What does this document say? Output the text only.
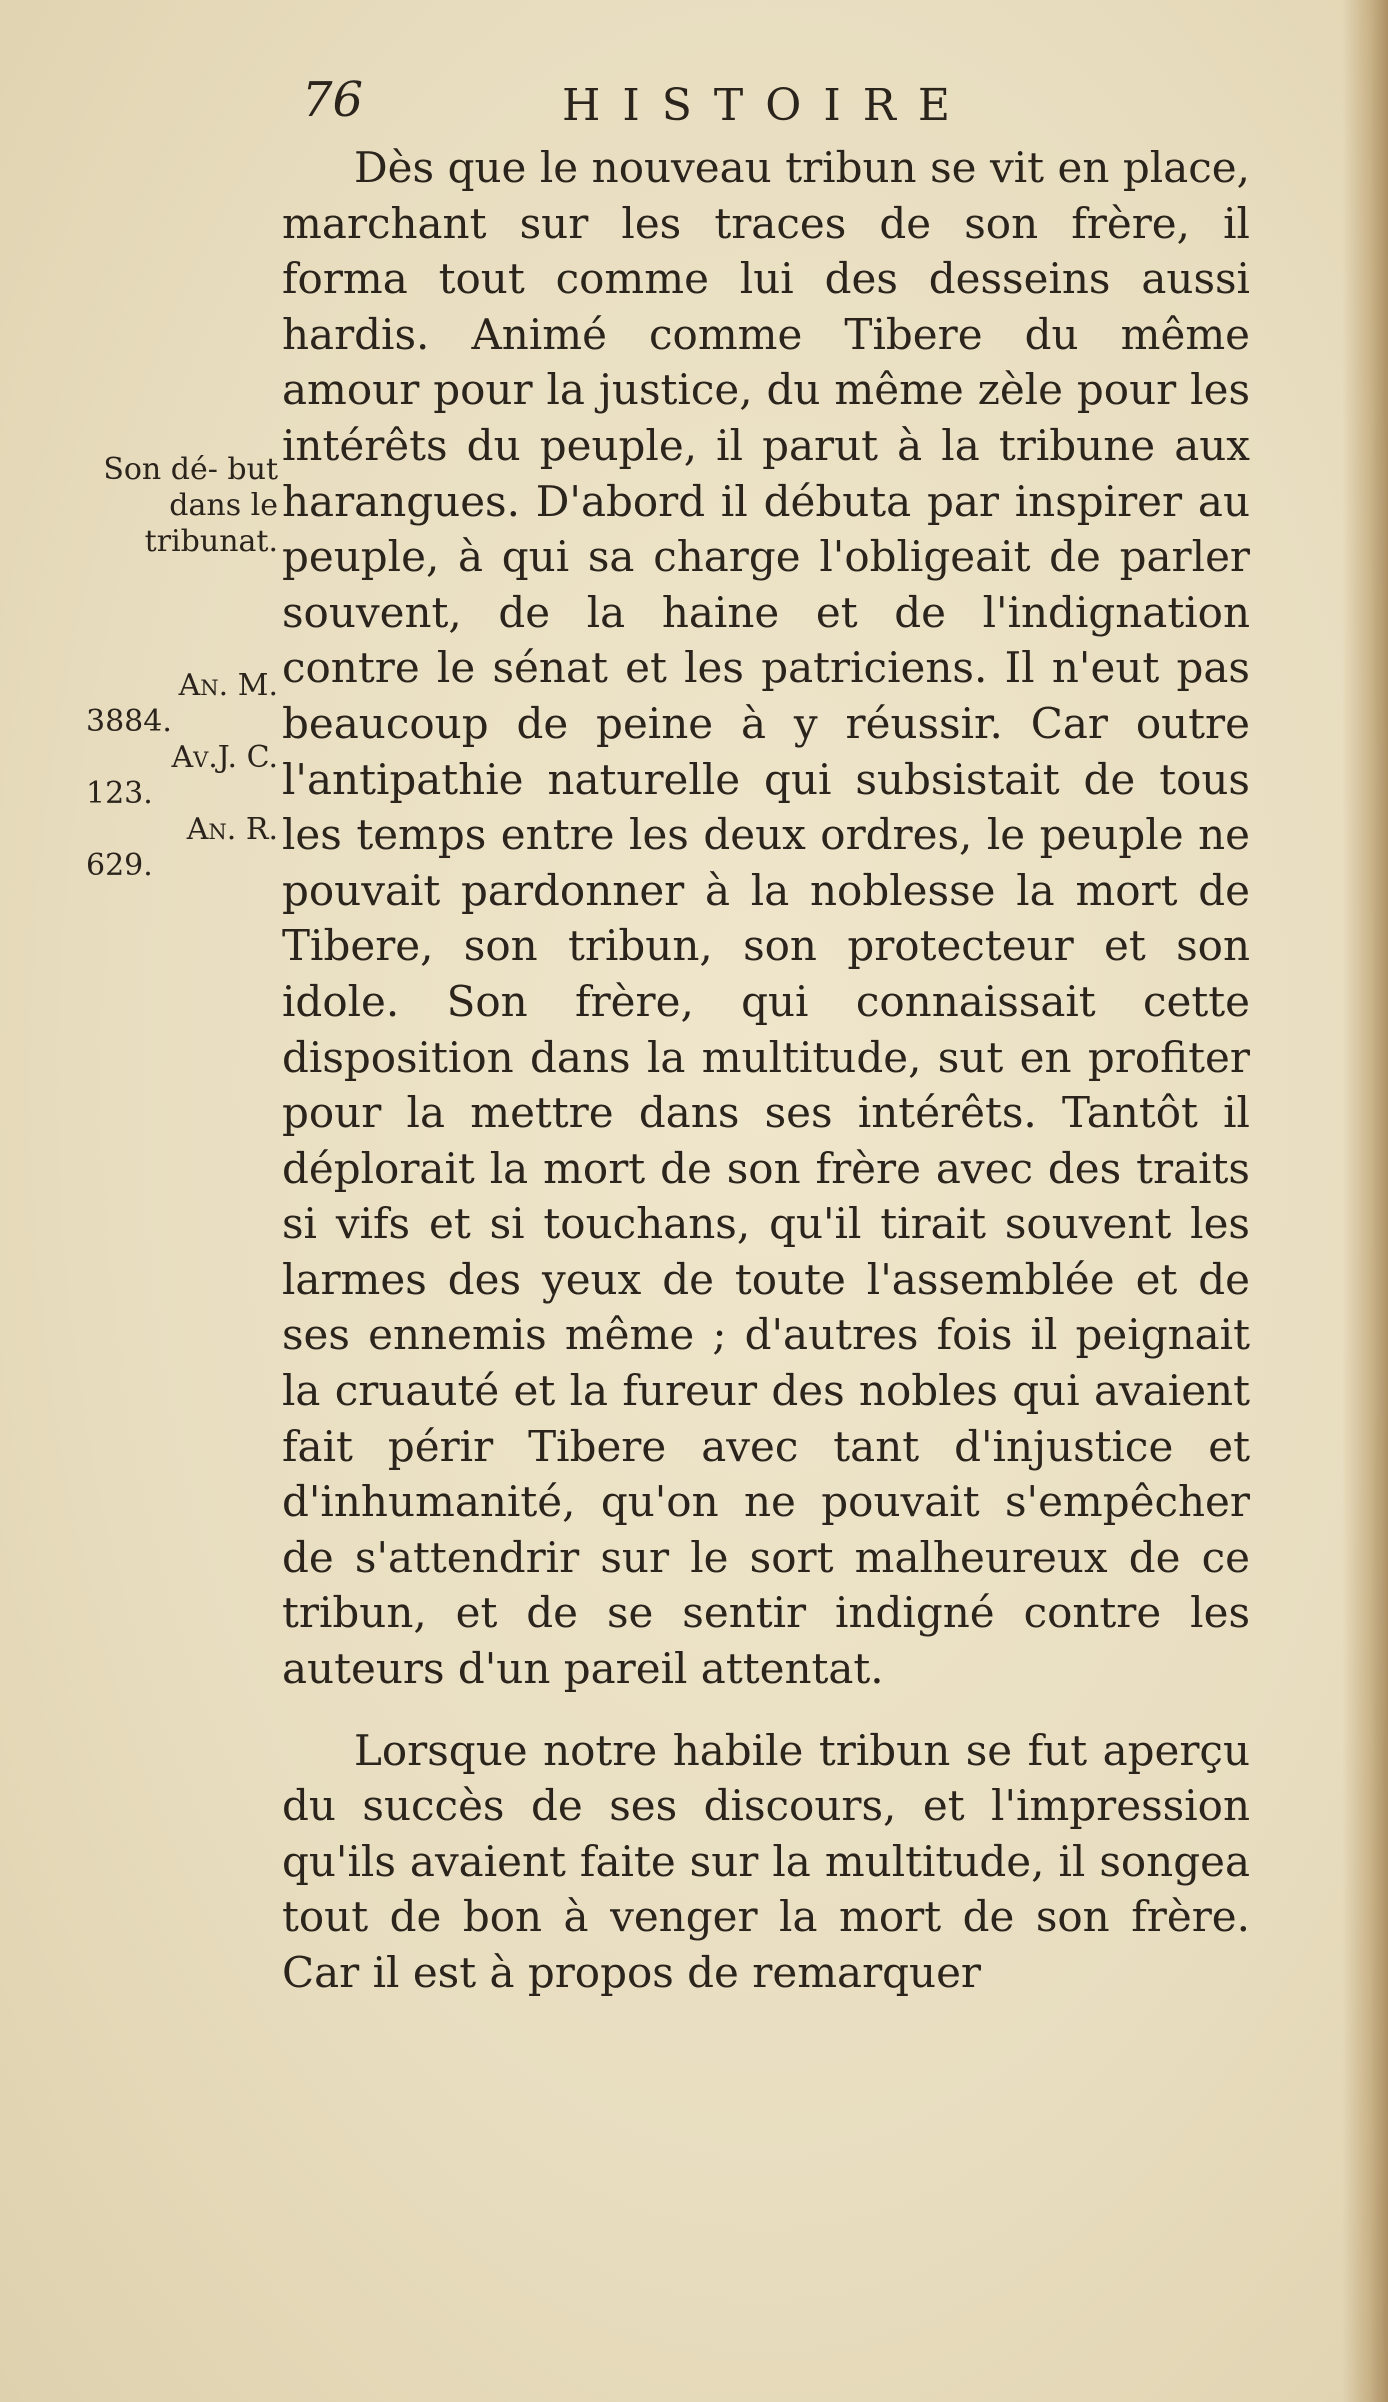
76	HISTOIRE

Son dé- but dans le tribunat.

An. M.
3884.
Av.J. C.
123.
An. R.
629.

Dès que le nouveau tribun se vit en place, marchant sur les traces de son frère, il forma tout comme lui des desseins aussi hardis. Animé comme Tibere du même amour pour la justice, du même zèle pour les intérêts du peuple, il parut à la tribune aux harangues. D'abord il débuta par inspirer au peuple, à qui sa charge l'obligeait de parler souvent, de la haine et de l'indignation contre le sénat et les patriciens. Il n'eut pas beaucoup de peine à y réussir. Car outre l'antipathie naturelle qui subsistait de tous les temps entre les deux ordres, le peuple ne pouvait pardonner à la noblesse la mort de Tibere, son tribun, son protecteur et son idole. Son frère, qui connaissait cette disposition dans la multitude, sut en profiter pour la mettre dans ses intérêts. Tantôt il déplorait la mort de son frère avec des traits si vifs et si touchans, qu'il tirait souvent les larmes des yeux de toute l'assemblée et de ses ennemis même ; d'autres fois il peignait la cruauté et la fureur des nobles qui avaient fait périr Tibere avec tant d'injustice et d'inhumanité, qu'on ne pouvait s'empêcher de s'attendrir sur le sort malheureux de ce tribun, et de se sentir indigné contre les auteurs d'un pareil attentat.

Lorsque notre habile tribun se fut aperçu du succès de ses discours, et l'impression qu'ils avaient faite sur la multitude, il songea tout de bon à venger la mort de son frère. Car il est à propos de remarquer
